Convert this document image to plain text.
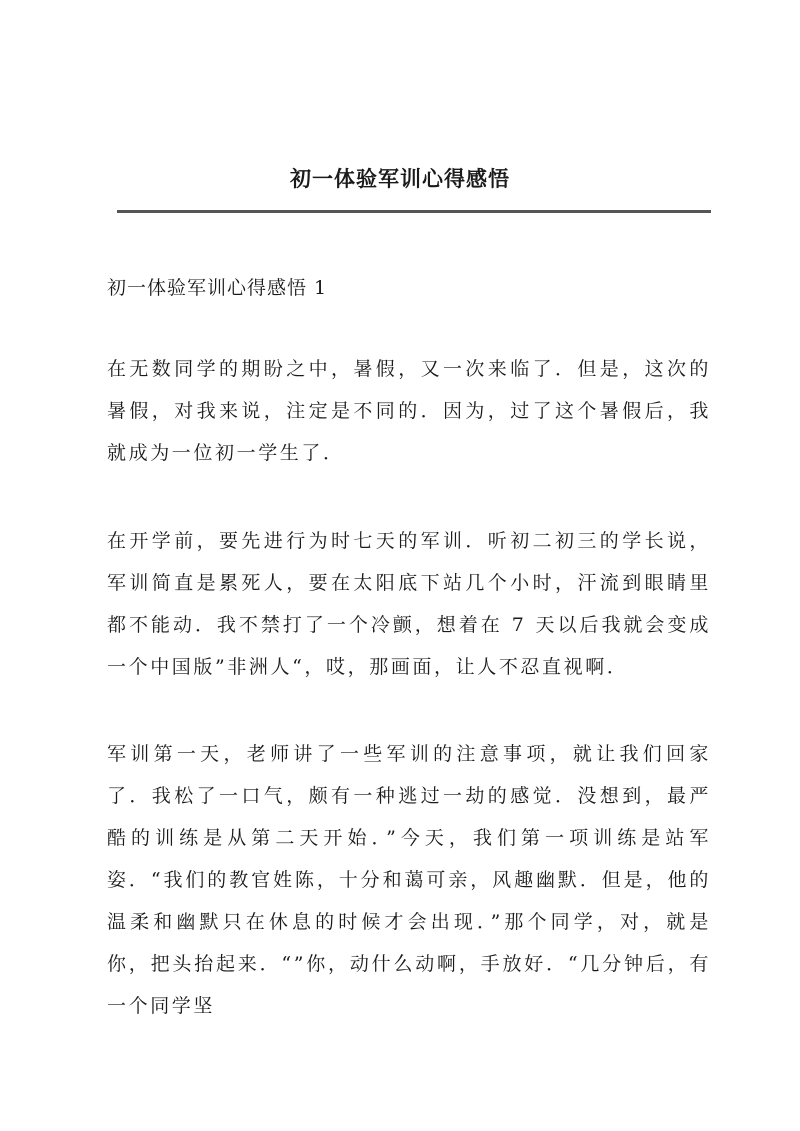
初一体验军训心得感悟
初一体验军训心得感悟 1

在无数同学的期盼之中，暑假，又一次来临了．但是，这次的暑假，对我来说，注定是不同的．因为，过了这个暑假后，我就成为一位初一学生了．

在开学前，要先进行为时七天的军训．听初二初三的学长说，军训简直是累死人，要在太阳底下站几个小时，汗流到眼睛里都不能动．我不禁打了一个冷颤，想着在 7 天以后我就会变成一个中国版”非洲人“，哎，那画面，让人不忍直视啊．

军训第一天，老师讲了一些军训的注意事项，就让我们回家了．我松了一口气，颇有一种逃过一劫的感觉．没想到，最严酷的训练是从第二天开始．”今天，我们第一项训练是站军姿．“我们的教官姓陈，十分和蔼可亲，风趣幽默．但是，他的温柔和幽默只在休息的时候才会出现．”那个同学，对，就是你，把头抬起来．“”你，动什么动啊，手放好．“几分钟后，有一个同学坚
